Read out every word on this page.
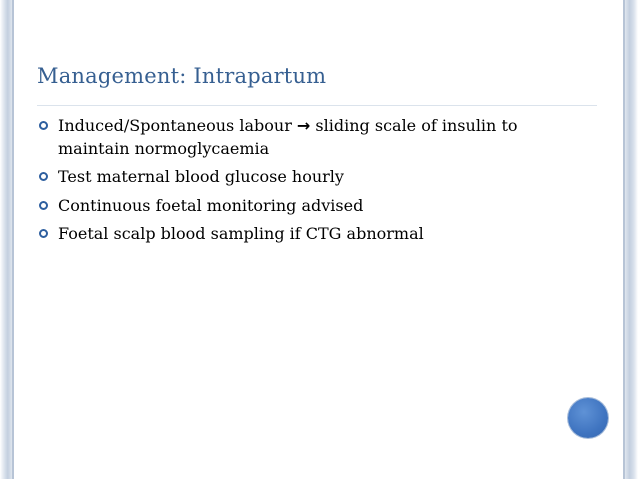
Management: Intrapartum
Induced/Spontaneous labour → sliding scale of insulin to maintain normoglycaemia
Test maternal blood glucose hourly
Continuous foetal monitoring advised
Foetal scalp blood sampling if CTG abnormal
